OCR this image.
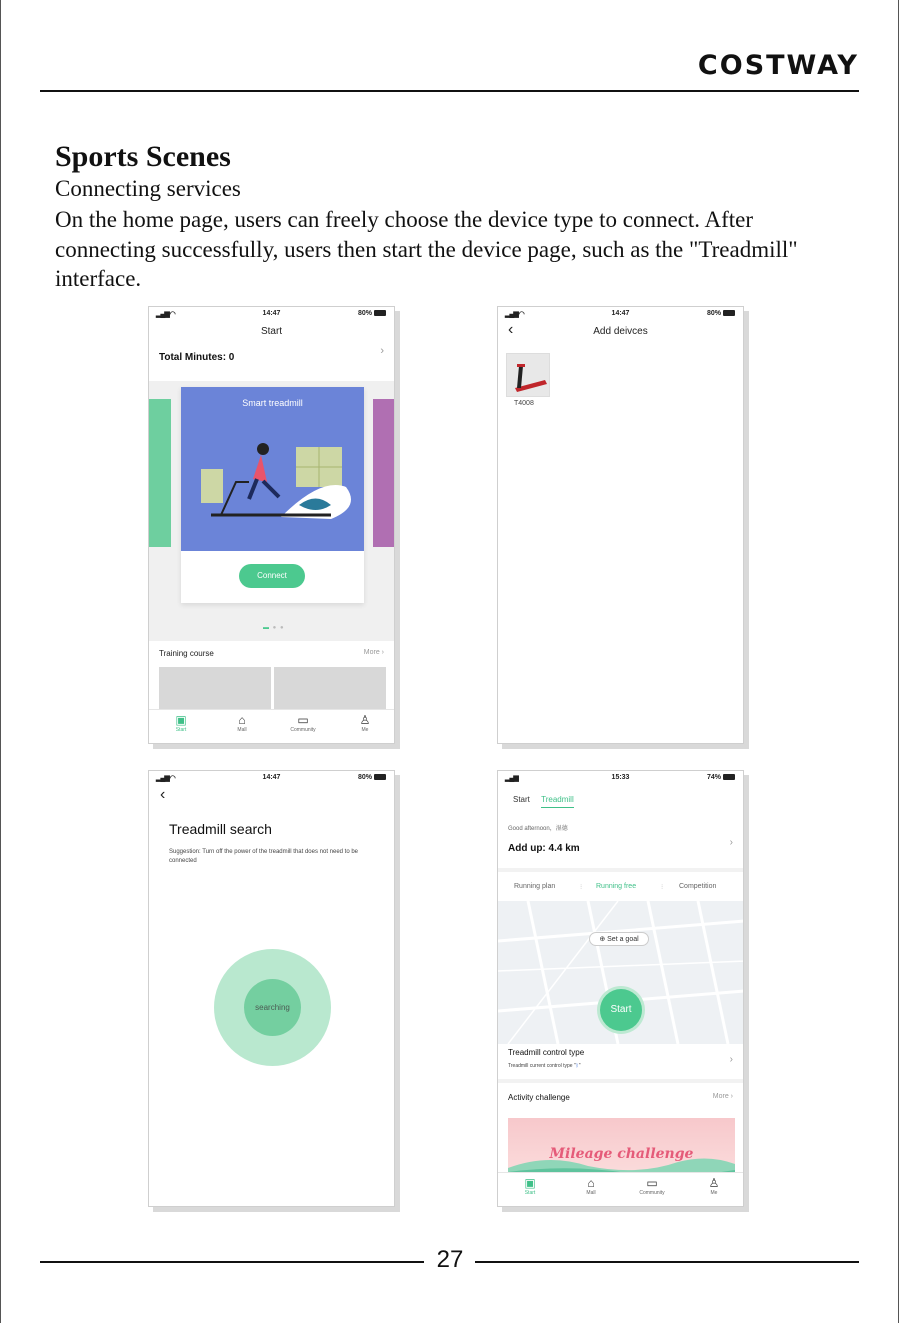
COSTWAY
Sports Scenes
Connecting services
On the home page, users can freely choose the device type to connect. After connecting successfully, users then start the device page, such as the "Treadmill" interface.
▂▄▆ ︎◠	14:47	80%
Start
Total Minutes: 0
›
Smart treadmill
Connect
▬ ● ●
Training course	More ›
▣
Start
⌂
Mall
▭
Community
♙
Me
▂▄▆ ◠	14:47	80%
‹	Add deivces
T4008
▂▄▆ ◠	14:47	80%
‹
Treadmill search
Suggestion: Turn off the power of the treadmill that does not need to be connected
searching
▂▄▆	15:33	74%
Start Treadmill
Good afternoon，湿德
Add up: 4.4 km
›
Running plan	⁝ Running free	⁝ Competition
⊕ Set a goal
Start
Treadmill control type
Treadmill current control type "ᛒ"
›
Activity challenge	More ›
Mileage challenge
▣
Start
⌂
Mall
▭
Community
♙
Me
27
